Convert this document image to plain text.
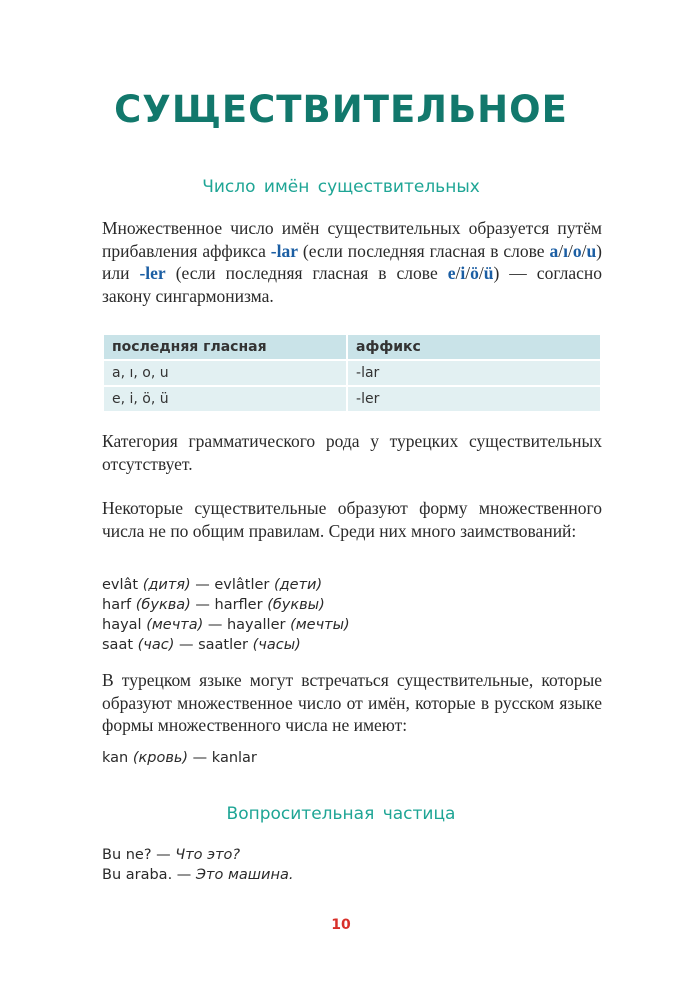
СУЩЕСТВИТЕЛЬНОЕ
Число имён существительных
Множественное число имён существительных образуется путём прибавления аффикса -lar (если последняя гласная в слове a/ı/o/u) или -ler (если последняя гласная в слове e/i/ö/ü) — согласно закону сингармонизма.
последняя гласная	аффикс
a, ı, o, u	-lar
e, i, ö, ü	-ler
Категория грамматического рода у турецких существительных отсутствует.
Некоторые существительные образуют форму множественного числа не по общим правилам. Среди них много заимствований:
evlât (дитя) — evlâtler (дети)
harf (буква) — harfler (буквы)
hayal (мечта) — hayaller (мечты)
saat (час) — saatler (часы)
В турецком языке могут встречаться существительные, которые образуют множественное число от имён, которые в русском языке формы множественного числа не имеют:
kan (кровь) — kanlar
Вопросительная частица
Bu ne? — Что это?
Bu araba. — Это машина.
10
